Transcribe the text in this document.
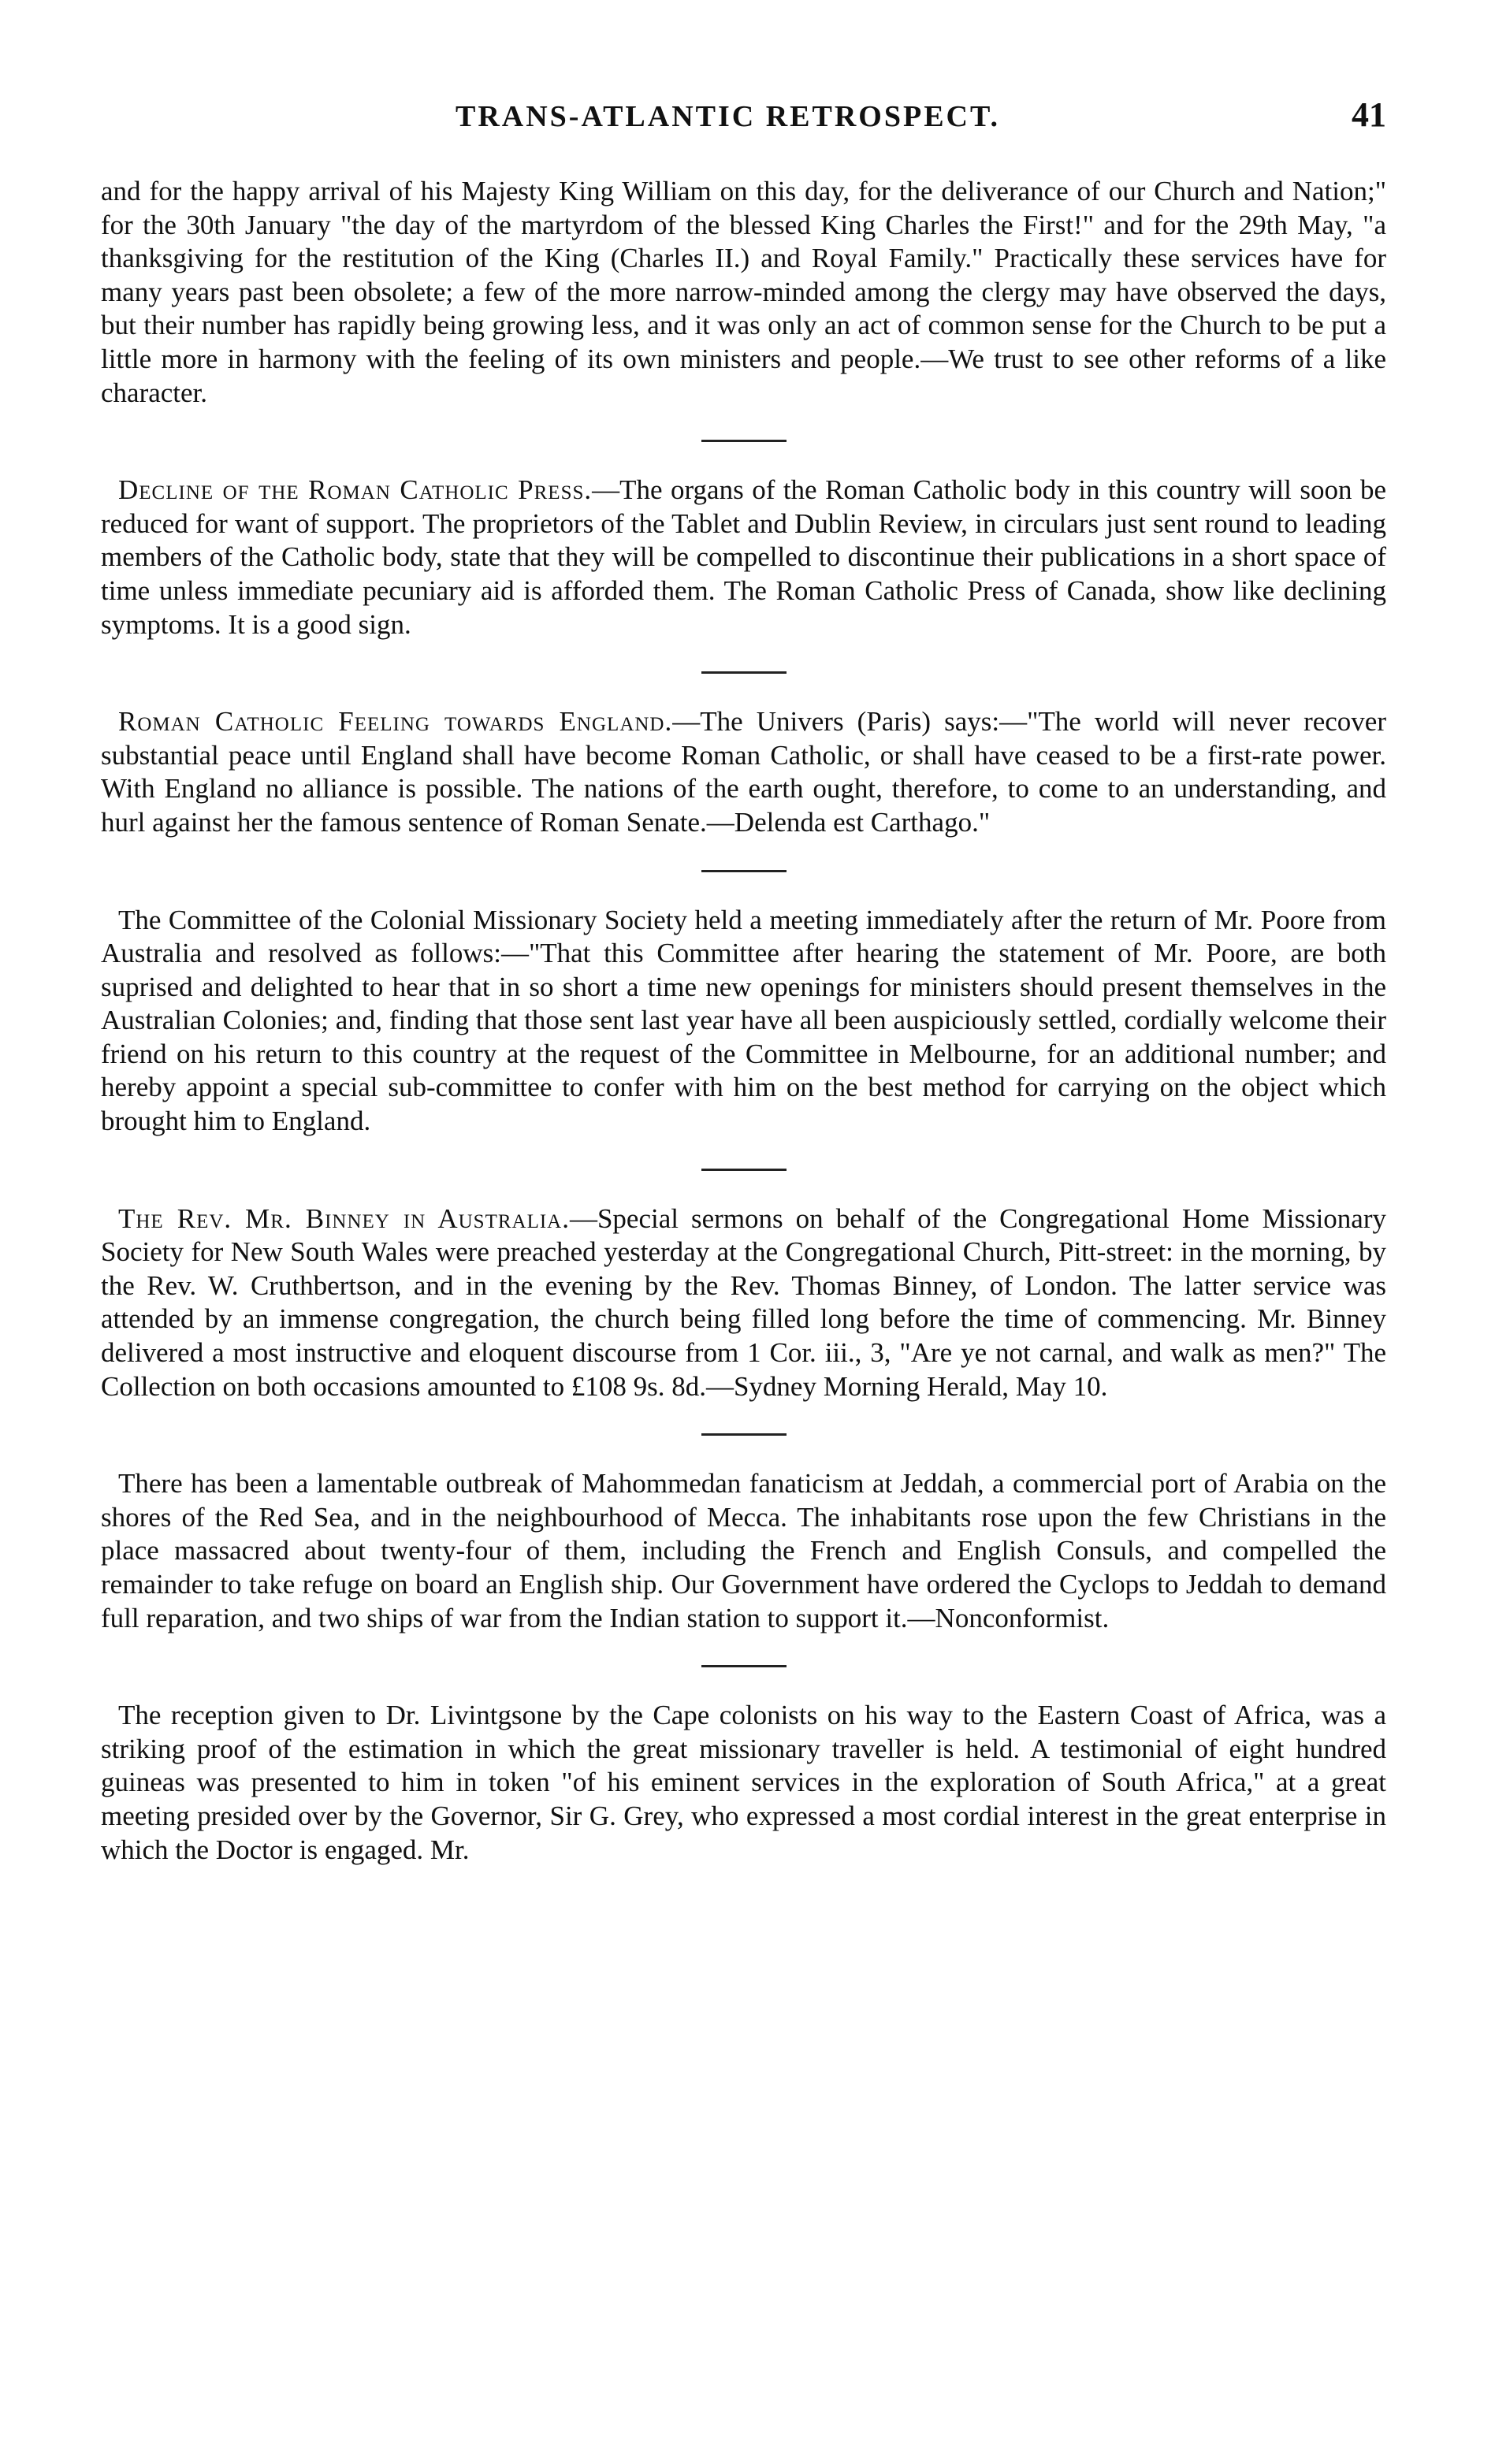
TRANS-ATLANTIC RETROSPECT.	41

and for the happy arrival of his Majesty King William on this day, for the deliverance of our Church and Nation;" for the 30th January "the day of the martyrdom of the blessed King Charles the First!" and for the 29th May, "a thanksgiving for the restitution of the King (Charles II.) and Royal Family." Practically these services have for many years past been obsolete; a few of the more narrow-minded among the clergy may have observed the days, but their number has rapidly being growing less, and it was only an act of common sense for the Church to be put a little more in harmony with the feeling of its own ministers and people.—We trust to see other reforms of a like character.

Decline of the Roman Catholic Press.—The organs of the Roman Catholic body in this country will soon be reduced for want of support. The proprietors of the Tablet and Dublin Review, in circulars just sent round to leading members of the Catholic body, state that they will be compelled to discontinue their publications in a short space of time unless immediate pecuniary aid is afforded them. The Roman Catholic Press of Canada, show like declining symptoms. It is a good sign.

Roman Catholic Feeling towards England.—The Univers (Paris) says:—"The world will never recover substantial peace until England shall have become Roman Catholic, or shall have ceased to be a first-rate power. With England no alliance is possible. The nations of the earth ought, therefore, to come to an understanding, and hurl against her the famous sentence of Roman Senate.—Delenda est Carthago."

The Committee of the Colonial Missionary Society held a meeting immediately after the return of Mr. Poore from Australia and resolved as follows:—"That this Committee after hearing the statement of Mr. Poore, are both suprised and delighted to hear that in so short a time new openings for ministers should present themselves in the Australian Colonies; and, finding that those sent last year have all been auspiciously settled, cordially welcome their friend on his return to this country at the request of the Committee in Melbourne, for an additional number; and hereby appoint a special sub-committee to confer with him on the best method for carrying on the object which brought him to England.

The Rev. Mr. Binney in Australia.—Special sermons on behalf of the Congregational Home Missionary Society for New South Wales were preached yesterday at the Congregational Church, Pitt-street: in the morning, by the Rev. W. Cruthbertson, and in the evening by the Rev. Thomas Binney, of London. The latter service was attended by an immense congregation, the church being filled long before the time of commencing. Mr. Binney delivered a most instructive and eloquent discourse from 1 Cor. iii., 3, "Are ye not carnal, and walk as men?" The Collection on both occasions amounted to £108 9s. 8d.—Sydney Morning Herald, May 10.

There has been a lamentable outbreak of Mahommedan fanaticism at Jeddah, a commercial port of Arabia on the shores of the Red Sea, and in the neighbourhood of Mecca. The inhabitants rose upon the few Christians in the place massacred about twenty-four of them, including the French and English Consuls, and compelled the remainder to take refuge on board an English ship. Our Government have ordered the Cyclops to Jeddah to demand full reparation, and two ships of war from the Indian station to support it.—Nonconformist.

The reception given to Dr. Livintgsone by the Cape colonists on his way to the Eastern Coast of Africa, was a striking proof of the estimation in which the great missionary traveller is held. A testimonial of eight hundred guineas was presented to him in token "of his eminent services in the exploration of South Africa," at a great meeting presided over by the Governor, Sir G. Grey, who expressed a most cordial interest in the great enterprise in which the Doctor is engaged. Mr.
